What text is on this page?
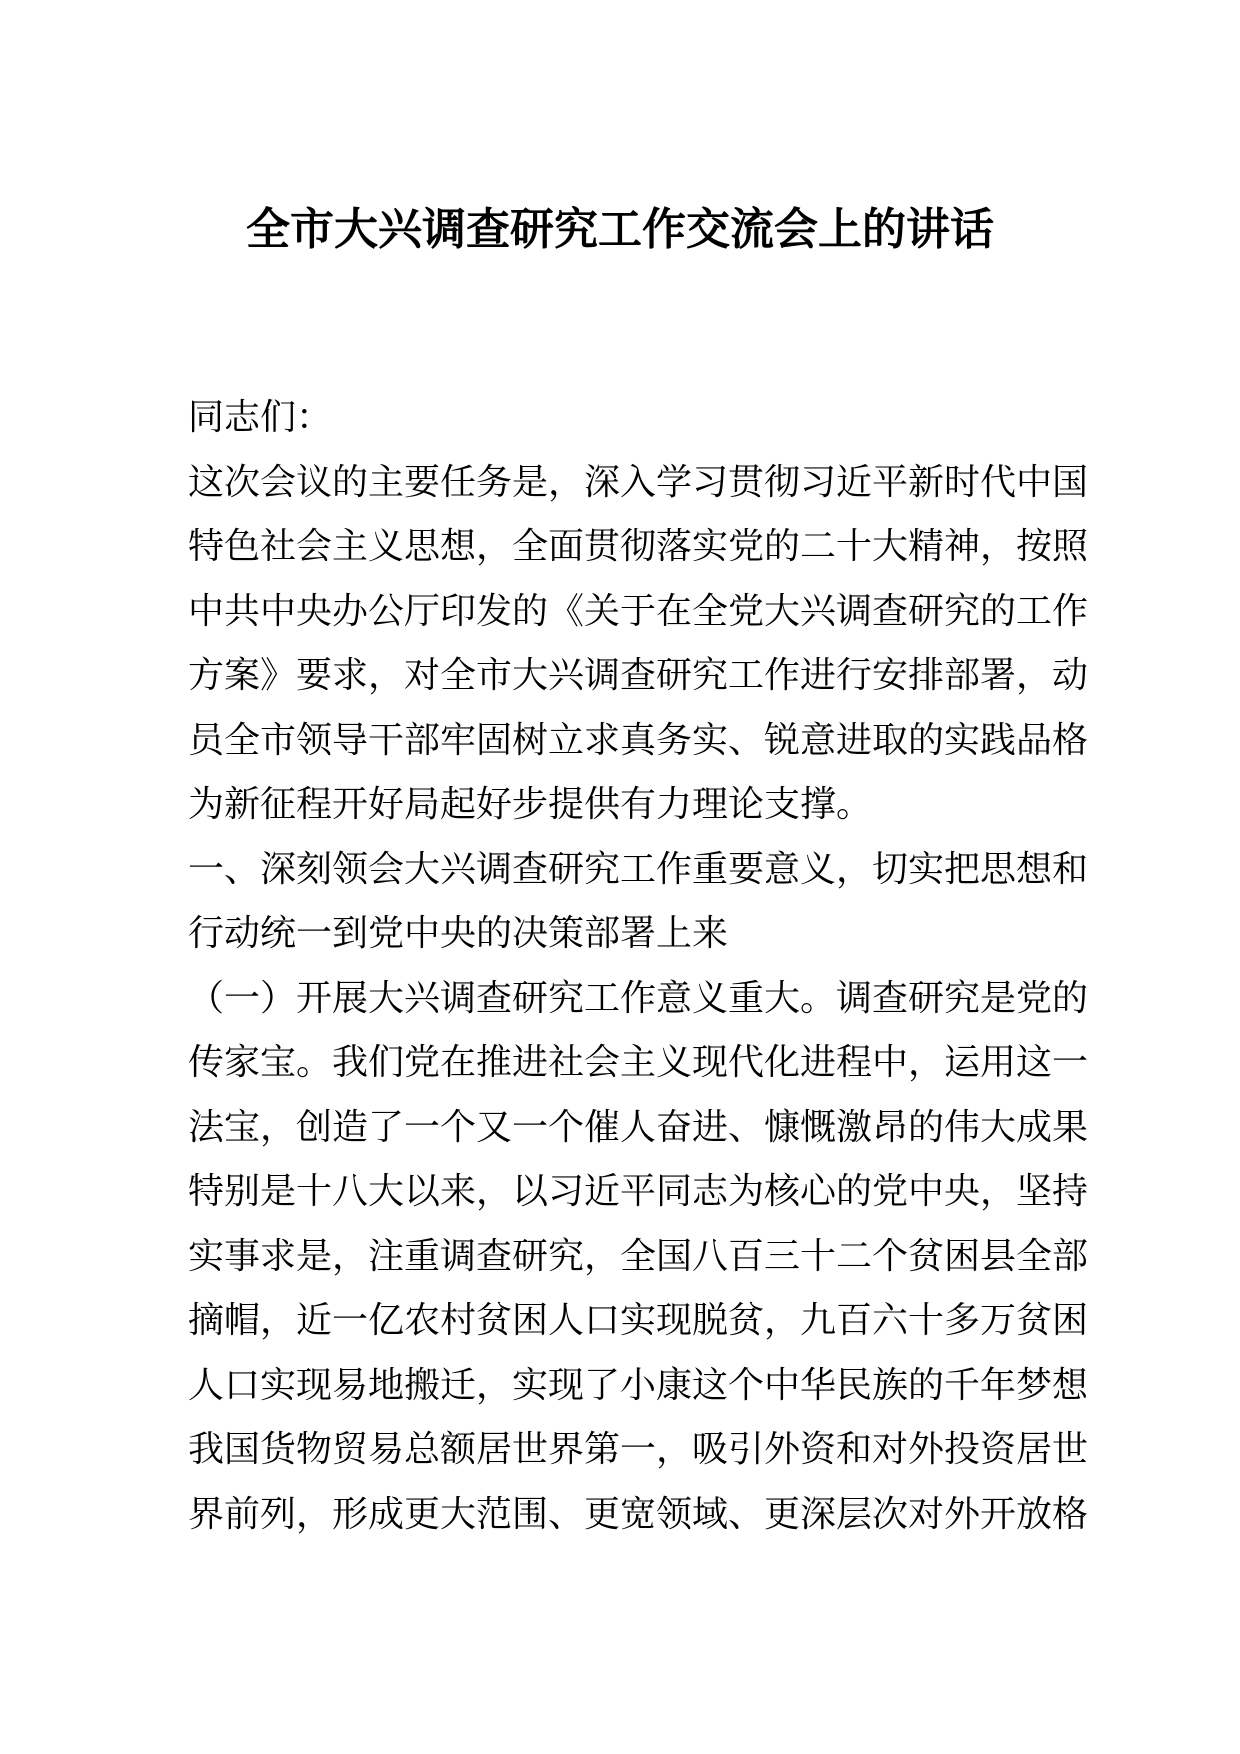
全市大兴调查研究工作交流会上的讲话
同志们：
这次会议的主要任务是，深入学习贯彻习近平新时代中国
特色社会主义思想，全面贯彻落实党的二十大精神，按照
中共中央办公厅印发的《关于在全党大兴调查研究的工作
方案》要求，对全市大兴调查研究工作进行安排部署，动
员全市领导干部牢固树立求真务实、锐意进取的实践品格
为新征程开好局起好步提供有力理论支撑。
一、深刻领会大兴调查研究工作重要意义，切实把思想和
行动统一到党中央的决策部署上来
（一）开展大兴调查研究工作意义重大。调查研究是党的
传家宝。我们党在推进社会主义现代化进程中，运用这一
法宝，创造了一个又一个催人奋进、慷慨激昂的伟大成果
特别是十八大以来，以习近平同志为核心的党中央，坚持
实事求是，注重调查研究，全国八百三十二个贫困县全部
摘帽，近一亿农村贫困人口实现脱贫，九百六十多万贫困
人口实现易地搬迁，实现了小康这个中华民族的千年梦想
我国货物贸易总额居世界第一，吸引外资和对外投资居世
界前列，形成更大范围、更宽领域、更深层次对外开放格
